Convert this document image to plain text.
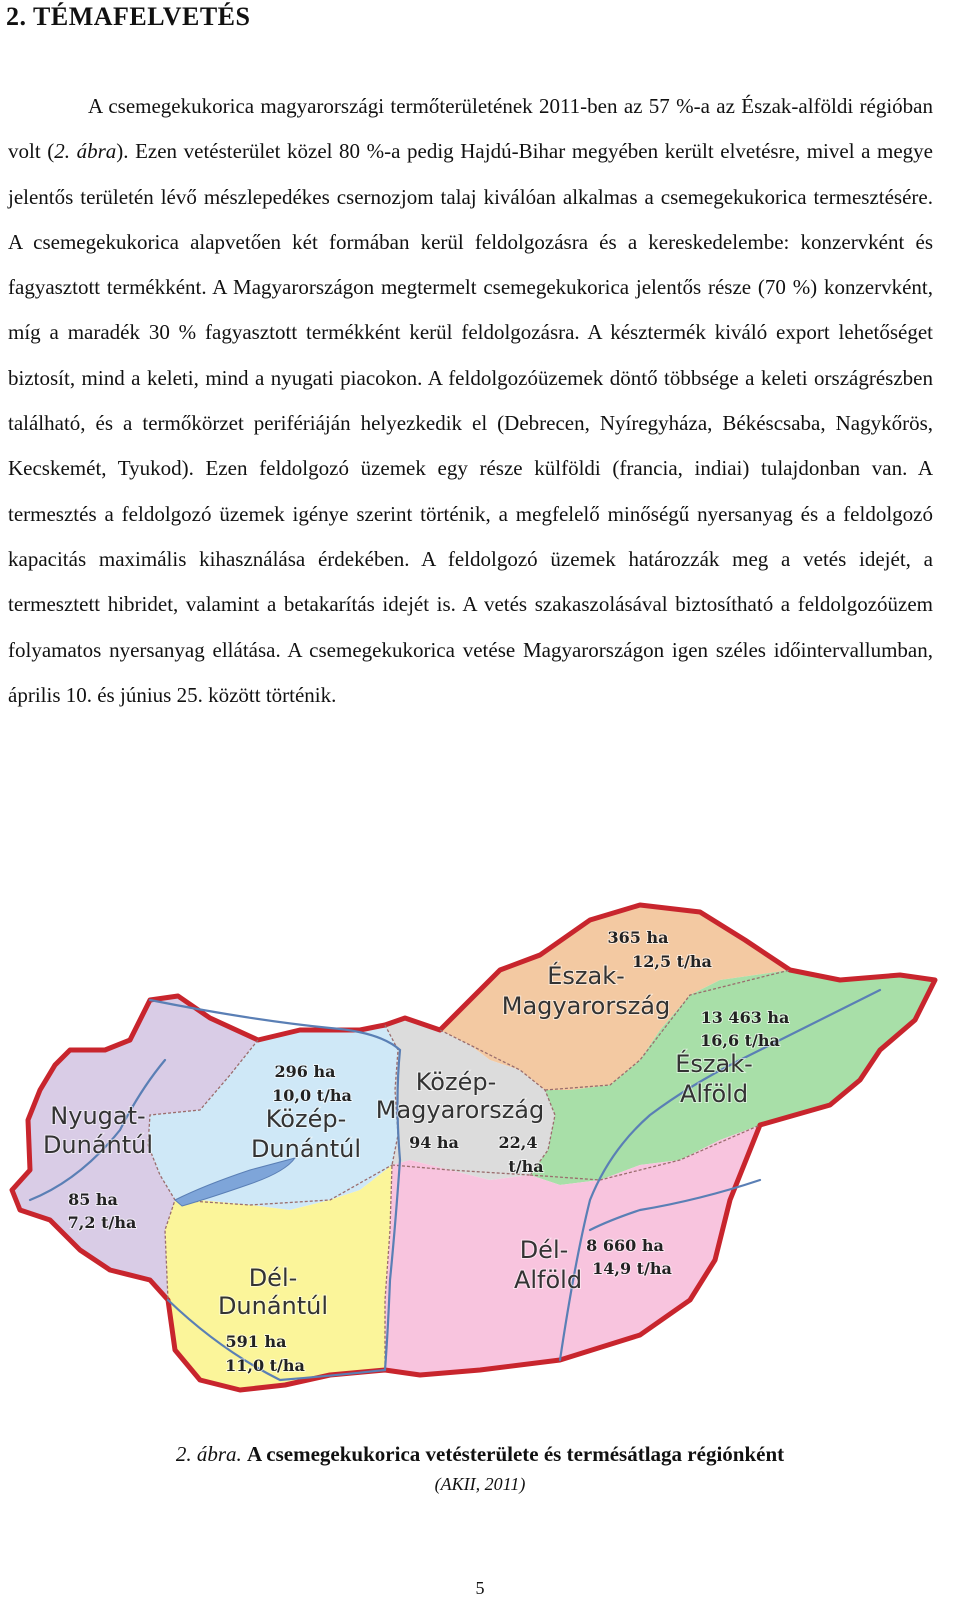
2. TÉMAFELVETÉS

A csemegekukorica magyarországi termőterületének 2011-ben az 57 %-a az Észak-alföldi régióban volt (2. ábra). Ezen vetésterület közel 80 %-a pedig Hajdú-Bihar megyében került elvetésre, mivel a megye jelentős területén lévő mészlepedékes csernozjom talaj kiválóan alkalmas a csemegekukorica termesztésére. A csemegekukorica alapvetően két formában kerül feldolgozásra és a kereskedelembe: konzervként és fagyasztott termékként. A Magyarországon megtermelt csemegekukorica jelentős része (70 %) konzervként, míg a maradék 30 % fagyasztott termékként kerül feldolgozásra. A késztermék kiváló export lehetőséget biztosít, mind a keleti, mind a nyugati piacokon. A feldolgozóüzemek döntő többsége a keleti országrészben található, és a termőkörzet perifériáján helyezkedik el (Debrecen, Nyíregyháza, Békéscsaba, Nagykőrös, Kecskemét, Tyukod). Ezen feldolgozó üzemek egy része külföldi (francia, indiai) tulajdonban van. A termesztés a feldolgozó üzemek igénye szerint történik, a megfelelő minőségű nyersanyag és a feldolgozó kapacitás maximális kihasználása érdekében. A feldolgozó üzemek határozzák meg a vetés idejét, a termesztett hibridet, valamint a betakarítás idejét is. A vetés szakaszolásával biztosítható a feldolgozóüzem folyamatos nyersanyag ellátása. A csemegekukorica vetése Magyarországon igen széles időintervallumban, április 10. és június 25. között történik.

365 ha
12,5 t/ha
Észak-
Magyarország 13 463 ha
16,6 t/ha
Észak-
Alföld
Közép-
Magyarország
94 ha 22,4
t/ha
296 ha
10,0 t/ha
Közép-
Dunántúl
Nyugat-
Dunántúl
85 ha
7,2 t/ha
Dél-
Dunántúl
591 ha
11,0 t/ha
Dél-
Alföld
8 660 ha
14,9 t/ha
2. ábra. A csemegekukorica vetésterülete és termésátlaga régiónként
(AKII, 2011)
5
